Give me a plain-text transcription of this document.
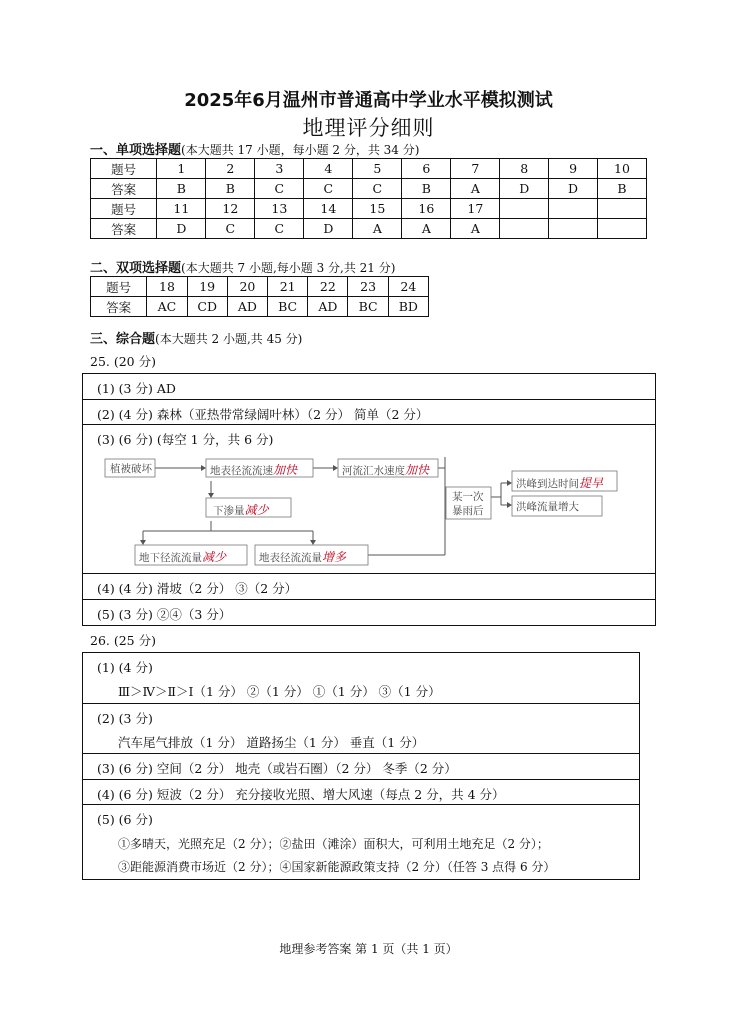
2025年6月温州市普通高中学业水平模拟测试
地理评分细则
一、单项选择题(本大题共 17 小题，每小题 2 分，共 34 分)
题号	1	2	3	4	5	6	7	8	9	10
答案	B	B	C	C	C	B	A	D	D	B
题号	11	12	13	14	15	16	17			
答案	D	C	C	D	A	A	A			
二、双项选择题(本大题共 7 小题,每小题 3 分,共 21 分)
题号	18	19	20	21	22	23	24
答案	AC	CD	AD	BC	AD	BC	BD
三、综合题(本大题共 2 小题,共 45 分)
25. (20 分)
(1) (3 分) AD
(2) (4 分) 森林（亚热带常绿阔叶林）（2 分） 简单（2 分）
(3) (6 分) (每空 1 分，共 6 分)
植被破坏	地表径流流速加快	河流汇水速度加快
下渗量减少
地下径流流量减少	地表径流流量增多
某一次
暴雨后
洪峰到达时间提早
洪峰流量增大
(4) (4 分) 滑坡（2 分） ③（2 分）
(5) (3 分) ②④（3 分）
26. (25 分)
(1) (4 分)
Ⅲ＞Ⅳ＞Ⅱ＞Ⅰ（1 分） ②（1 分） ①（1 分） ③（1 分）
(2) (3 分)
汽车尾气排放（1 分） 道路扬尘（1 分） 垂直（1 分）
(3) (6 分) 空间（2 分） 地壳（或岩石圈）（2 分） 冬季（2 分）
(4) (6 分) 短波（2 分） 充分接收光照、增大风速（每点 2 分，共 4 分）
(5) (6 分)
①多晴天，光照充足（2 分）；②盐田（滩涂）面积大，可利用土地充足（2 分）；
③距能源消费市场近（2 分）；④国家新能源政策支持（2 分）（任答 3 点得 6 分）
地理参考答案 第 1 页（共 1 页）
